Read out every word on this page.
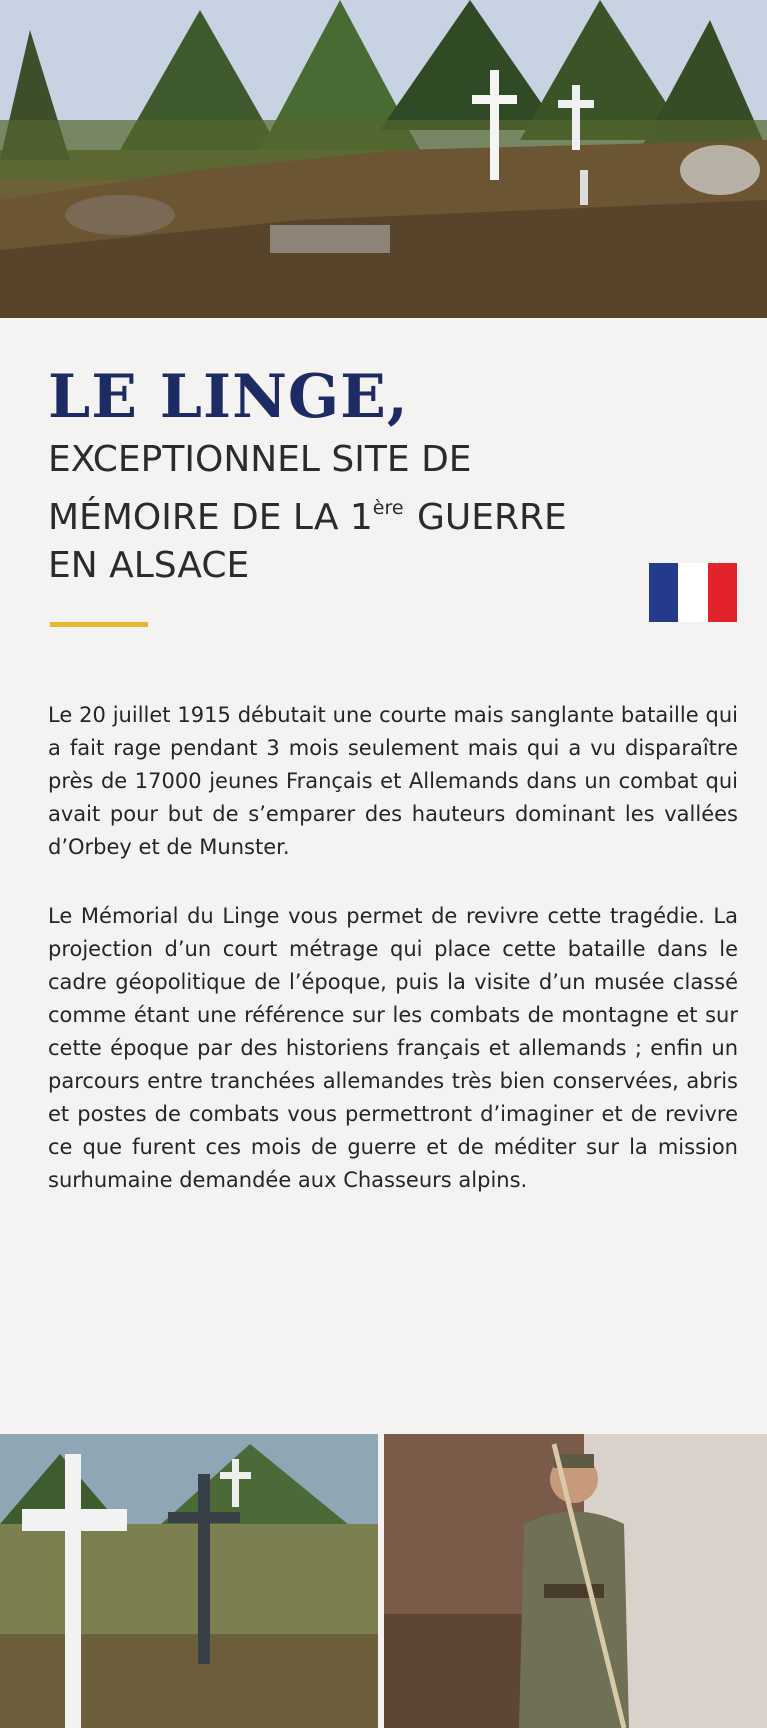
LE LINGE,
EXCEPTIONNEL SITE DE
MÉMOIRE DE LA 1ère GUERRE
EN ALSACE

Le 20 juillet 1915 débutait une courte mais sanglante bataille qui a fait rage pendant 3 mois seulement mais qui a vu disparaître près de 17000 jeunes Français et Allemands dans un combat qui avait pour but de s’emparer des hauteurs dominant les vallées d’Orbey et de Munster.

Le Mémorial du Linge vous permet de revivre cette tragédie. La projection d’un court métrage qui place cette bataille dans le cadre géopolitique de l’époque, puis la visite d’un musée classé comme étant une référence sur les combats de montagne et sur cette époque par des historiens français et allemands ; enfin un parcours entre tranchées allemandes très bien conservées, abris et postes de combats vous permettront d’imaginer et de revivre ce que furent ces mois de guerre et de méditer sur la mission surhumaine demandée aux Chasseurs alpins.
